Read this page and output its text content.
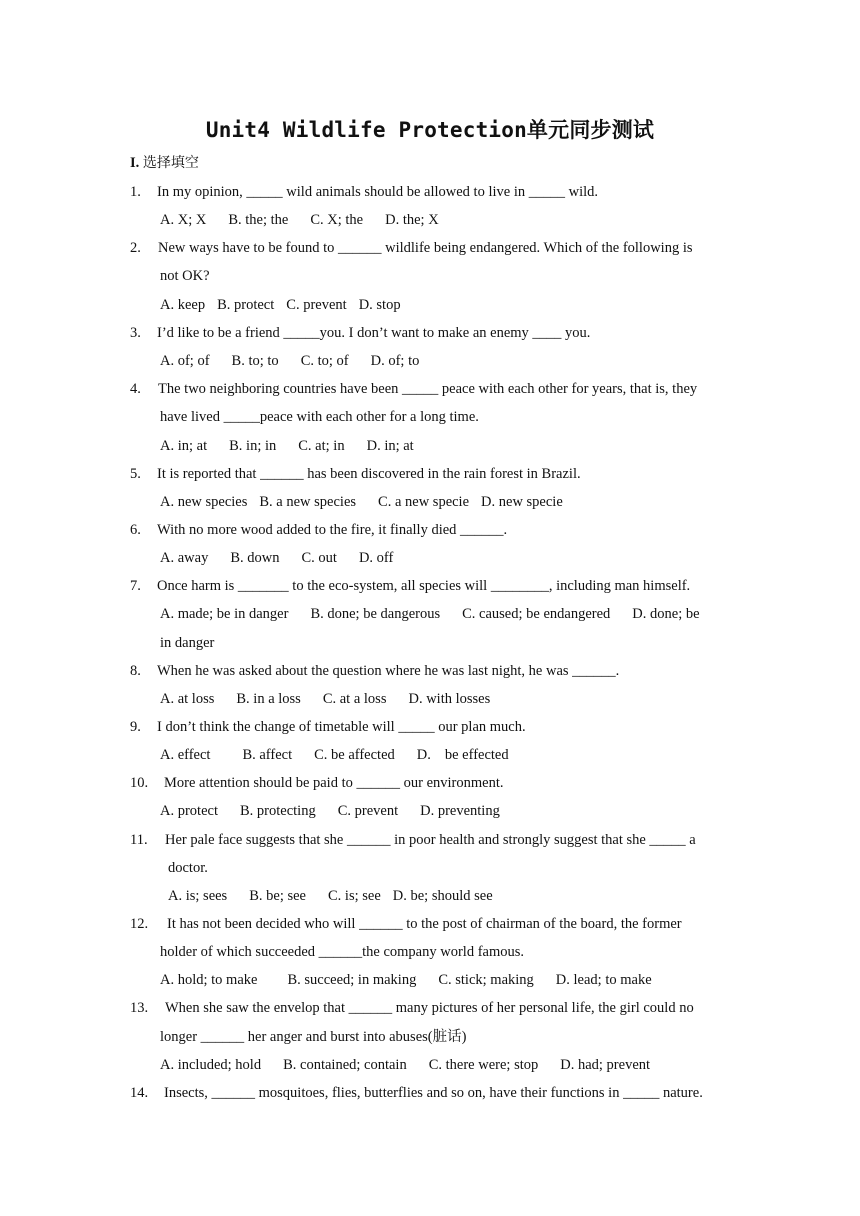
Unit4 Wildlife Protection单元同步测试
I. 选择填空
1. In my opinion, _____ wild animals should be allowed to live in _____ wild.
A. X; X B. the; the C. X; the D. the; X
2. New ways have to be found to ______ wildlife being endangered. Which of the following is
not OK?
A. keep B. protect C. prevent D. stop
3. I’d like to be a friend _____you. I don’t want to make an enemy ____ you.
A. of; of B. to; to C. to; of D. of; to
4. The two neighboring countries have been _____ peace with each other for years, that is, they
have lived _____peace with each other for a long time.
A. in; at B. in; in C. at; in D. in; at
5. It is reported that ______ has been discovered in the rain forest in Brazil.
A. new species B. a new species C. a new specie D. new specie
6. With no more wood added to the fire, it finally died ______.
A. away B. down C. out D. off
7. Once harm is _______ to the eco-system, all species will ________, including man himself.
A. made; be in danger B. done; be dangerous C. caused; be endangered D. done; be
in danger
8. When he was asked about the question where he was last night, he was ______.
A. at loss B. in a loss C. at a loss D. with losses
9. I don’t think the change of timetable will _____ our plan much.
A. effect B. affect C. be affected D. be effected
10. More attention should be paid to ______ our environment.
A. protect B. protecting C. prevent D. preventing
11. Her pale face suggests that she ______ in poor health and strongly suggest that she _____ a
doctor.
A. is; sees B. be; see C. is; see D. be; should see
12. It has not been decided who will ______ to the post of chairman of the board, the former
holder of which succeeded ______the company world famous.
A. hold; to make B. succeed; in making C. stick; making D. lead; to make
13. When she saw the envelop that ______ many pictures of her personal life, the girl could no
longer ______ her anger and burst into abuses(脏话)
A. included; hold B. contained; contain C. there were; stop D. had; prevent
14. Insects, ______ mosquitoes, flies, butterflies and so on, have their functions in _____ nature.
